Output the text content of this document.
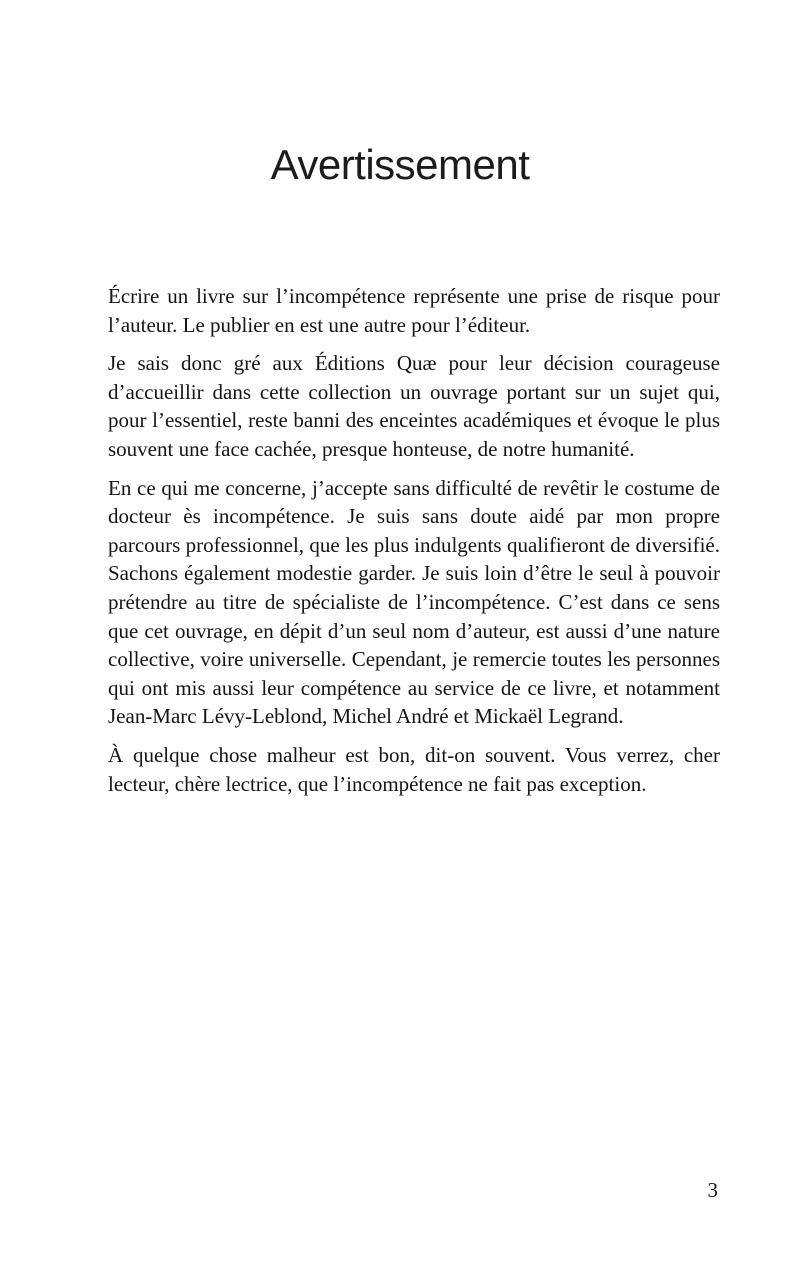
Avertissement

Écrire un livre sur l’incompétence représente une prise de risque pour l’auteur. Le publier en est une autre pour l’éditeur.

Je sais donc gré aux Éditions Quæ pour leur décision courageuse d’accueillir dans cette collection un ouvrage portant sur un sujet qui, pour l’essentiel, reste banni des enceintes académiques et évoque le plus souvent une face cachée, presque honteuse, de notre humanité.

En ce qui me concerne, j’accepte sans difficulté de revêtir le costume de docteur ès incompétence. Je suis sans doute aidé par mon propre parcours professionnel, que les plus indulgents qualifieront de diversifié. Sachons également modestie garder. Je suis loin d’être le seul à pouvoir prétendre au titre de spécialiste de l’incompétence. C’est dans ce sens que cet ouvrage, en dépit d’un seul nom d’auteur, est aussi d’une nature collective, voire universelle. Cependant, je remercie toutes les personnes qui ont mis aussi leur compétence au service de ce livre, et notamment Jean-Marc Lévy-Leblond, Michel André et Mickaël Legrand.

À quelque chose malheur est bon, dit-on souvent. Vous verrez, cher lecteur, chère lectrice, que l’incompétence ne fait pas exception.

3
